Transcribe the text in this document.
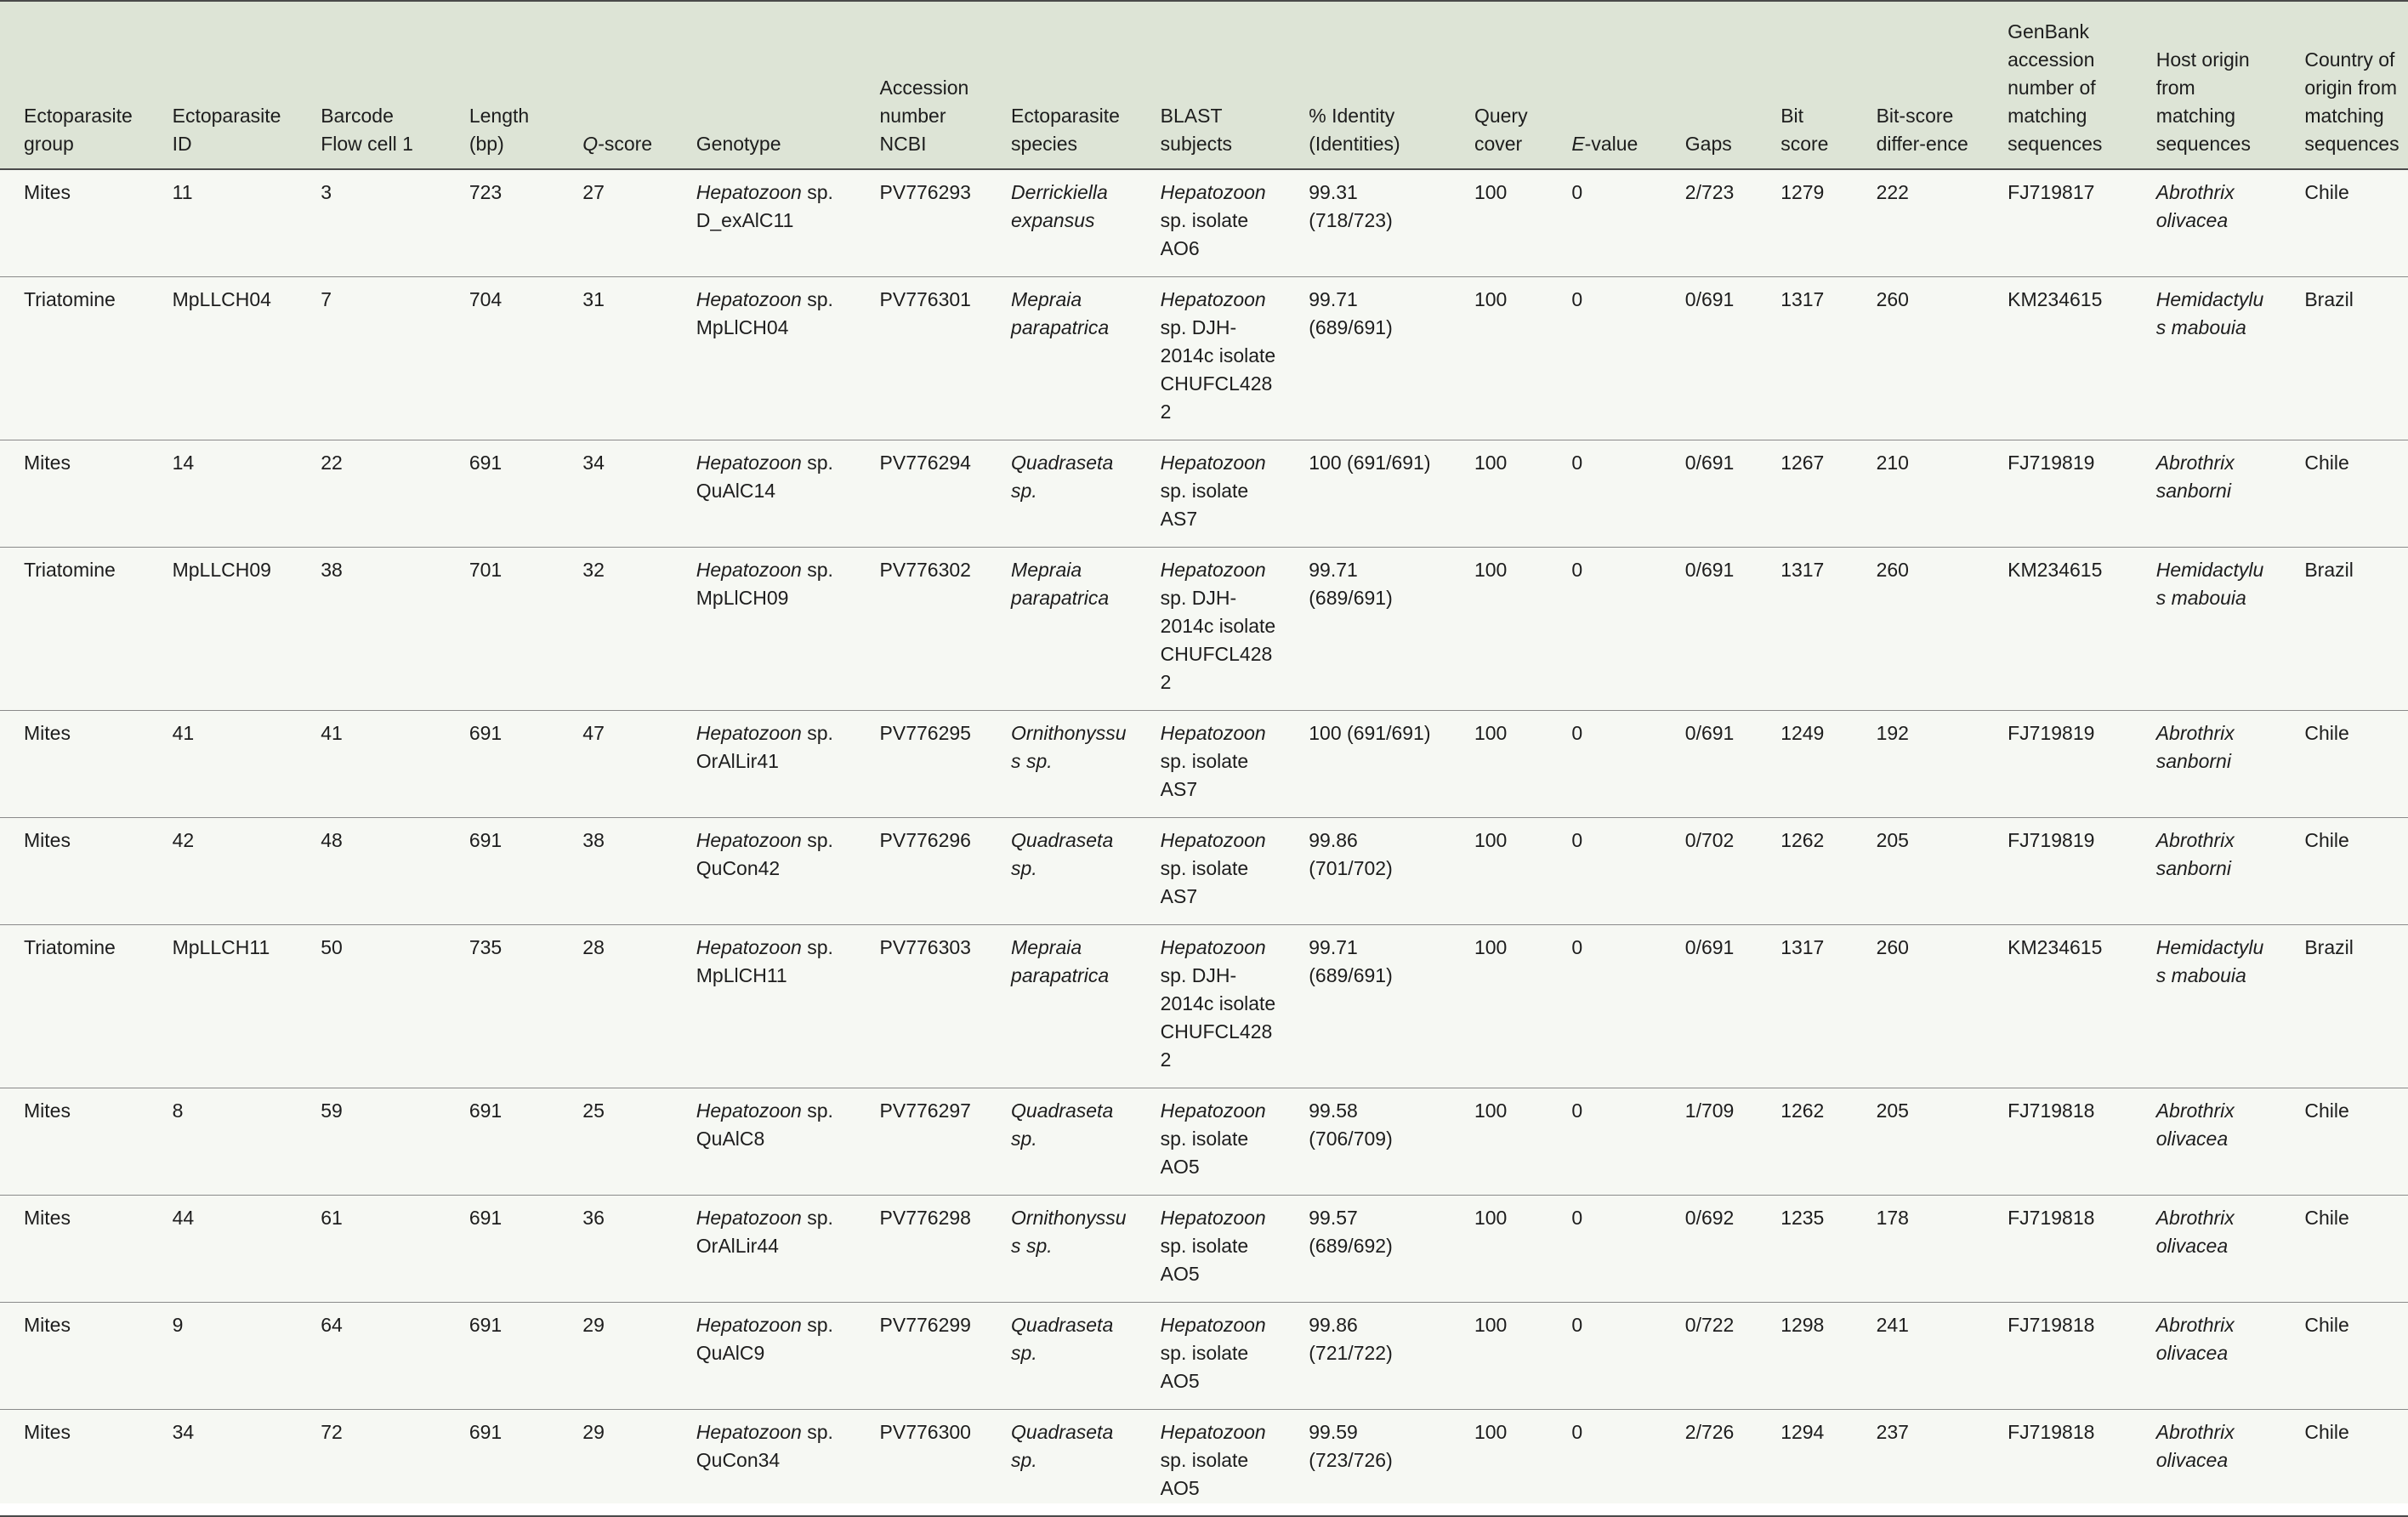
Ectoparasite group	Ectoparasite ID	Barcode Flow cell 1	Length (bp)	Q-score	Genotype	Accession number NCBI	Ectoparasite species	BLAST subjects	% Identity (Identities)	Query cover	E-value	Gaps	Bit score	Bit-score differ-ence	GenBank accession number of matching sequences	Host origin from matching sequences	Country of origin from matching sequences
Mites	11	3	723	27	Hepatozoon sp. D_exAlC11	PV776293	Derrickiella expansus	Hepatozoon sp. isolate AO6	99.31 (718/723)	100	0	2/723	1279	222	FJ719817	Abrothrix olivacea	Chile
Triatomine	MpLLCH04	7	704	31	Hepatozoon sp. MpLlCH04	PV776301	Mepraia parapatrica	Hepatozoon sp. DJH-2014c isolate CHUFCL4282	99.71 (689/691)	100	0	0/691	1317	260	KM234615	Hemidactylus mabouia	Brazil
Mites	14	22	691	34	Hepatozoon sp. QuAlC14	PV776294	Quadraseta sp.	Hepatozoon sp. isolate AS7	100 (691/691)	100	0	0/691	1267	210	FJ719819	Abrothrix sanborni	Chile
Triatomine	MpLLCH09	38	701	32	Hepatozoon sp. MpLlCH09	PV776302	Mepraia parapatrica	Hepatozoon sp. DJH-2014c isolate CHUFCL4282	99.71 (689/691)	100	0	0/691	1317	260	KM234615	Hemidactylus mabouia	Brazil
Mites	41	41	691	47	Hepatozoon sp. OrAlLir41	PV776295	Ornithonyssus sp.	Hepatozoon sp. isolate AS7	100 (691/691)	100	0	0/691	1249	192	FJ719819	Abrothrix sanborni	Chile
Mites	42	48	691	38	Hepatozoon sp. QuCon42	PV776296	Quadraseta sp.	Hepatozoon sp. isolate AS7	99.86 (701/702)	100	0	0/702	1262	205	FJ719819	Abrothrix sanborni	Chile
Triatomine	MpLLCH11	50	735	28	Hepatozoon sp. MpLlCH11	PV776303	Mepraia parapatrica	Hepatozoon sp. DJH-2014c isolate CHUFCL4282	99.71 (689/691)	100	0	0/691	1317	260	KM234615	Hemidactylus mabouia	Brazil
Mites	8	59	691	25	Hepatozoon sp. QuAlC8	PV776297	Quadraseta sp.	Hepatozoon sp. isolate AO5	99.58 (706/709)	100	0	1/709	1262	205	FJ719818	Abrothrix olivacea	Chile
Mites	44	61	691	36	Hepatozoon sp. OrAlLir44	PV776298	Ornithonyssus sp.	Hepatozoon sp. isolate AO5	99.57 (689/692)	100	0	0/692	1235	178	FJ719818	Abrothrix olivacea	Chile
Mites	9	64	691	29	Hepatozoon sp. QuAlC9	PV776299	Quadraseta sp.	Hepatozoon sp. isolate AO5	99.86 (721/722)	100	0	0/722	1298	241	FJ719818	Abrothrix olivacea	Chile
Mites	34	72	691	29	Hepatozoon sp. QuCon34	PV776300	Quadraseta sp.	Hepatozoon sp. isolate AO5	99.59 (723/726)	100	0	2/726	1294	237	FJ719818	Abrothrix olivacea	Chile
